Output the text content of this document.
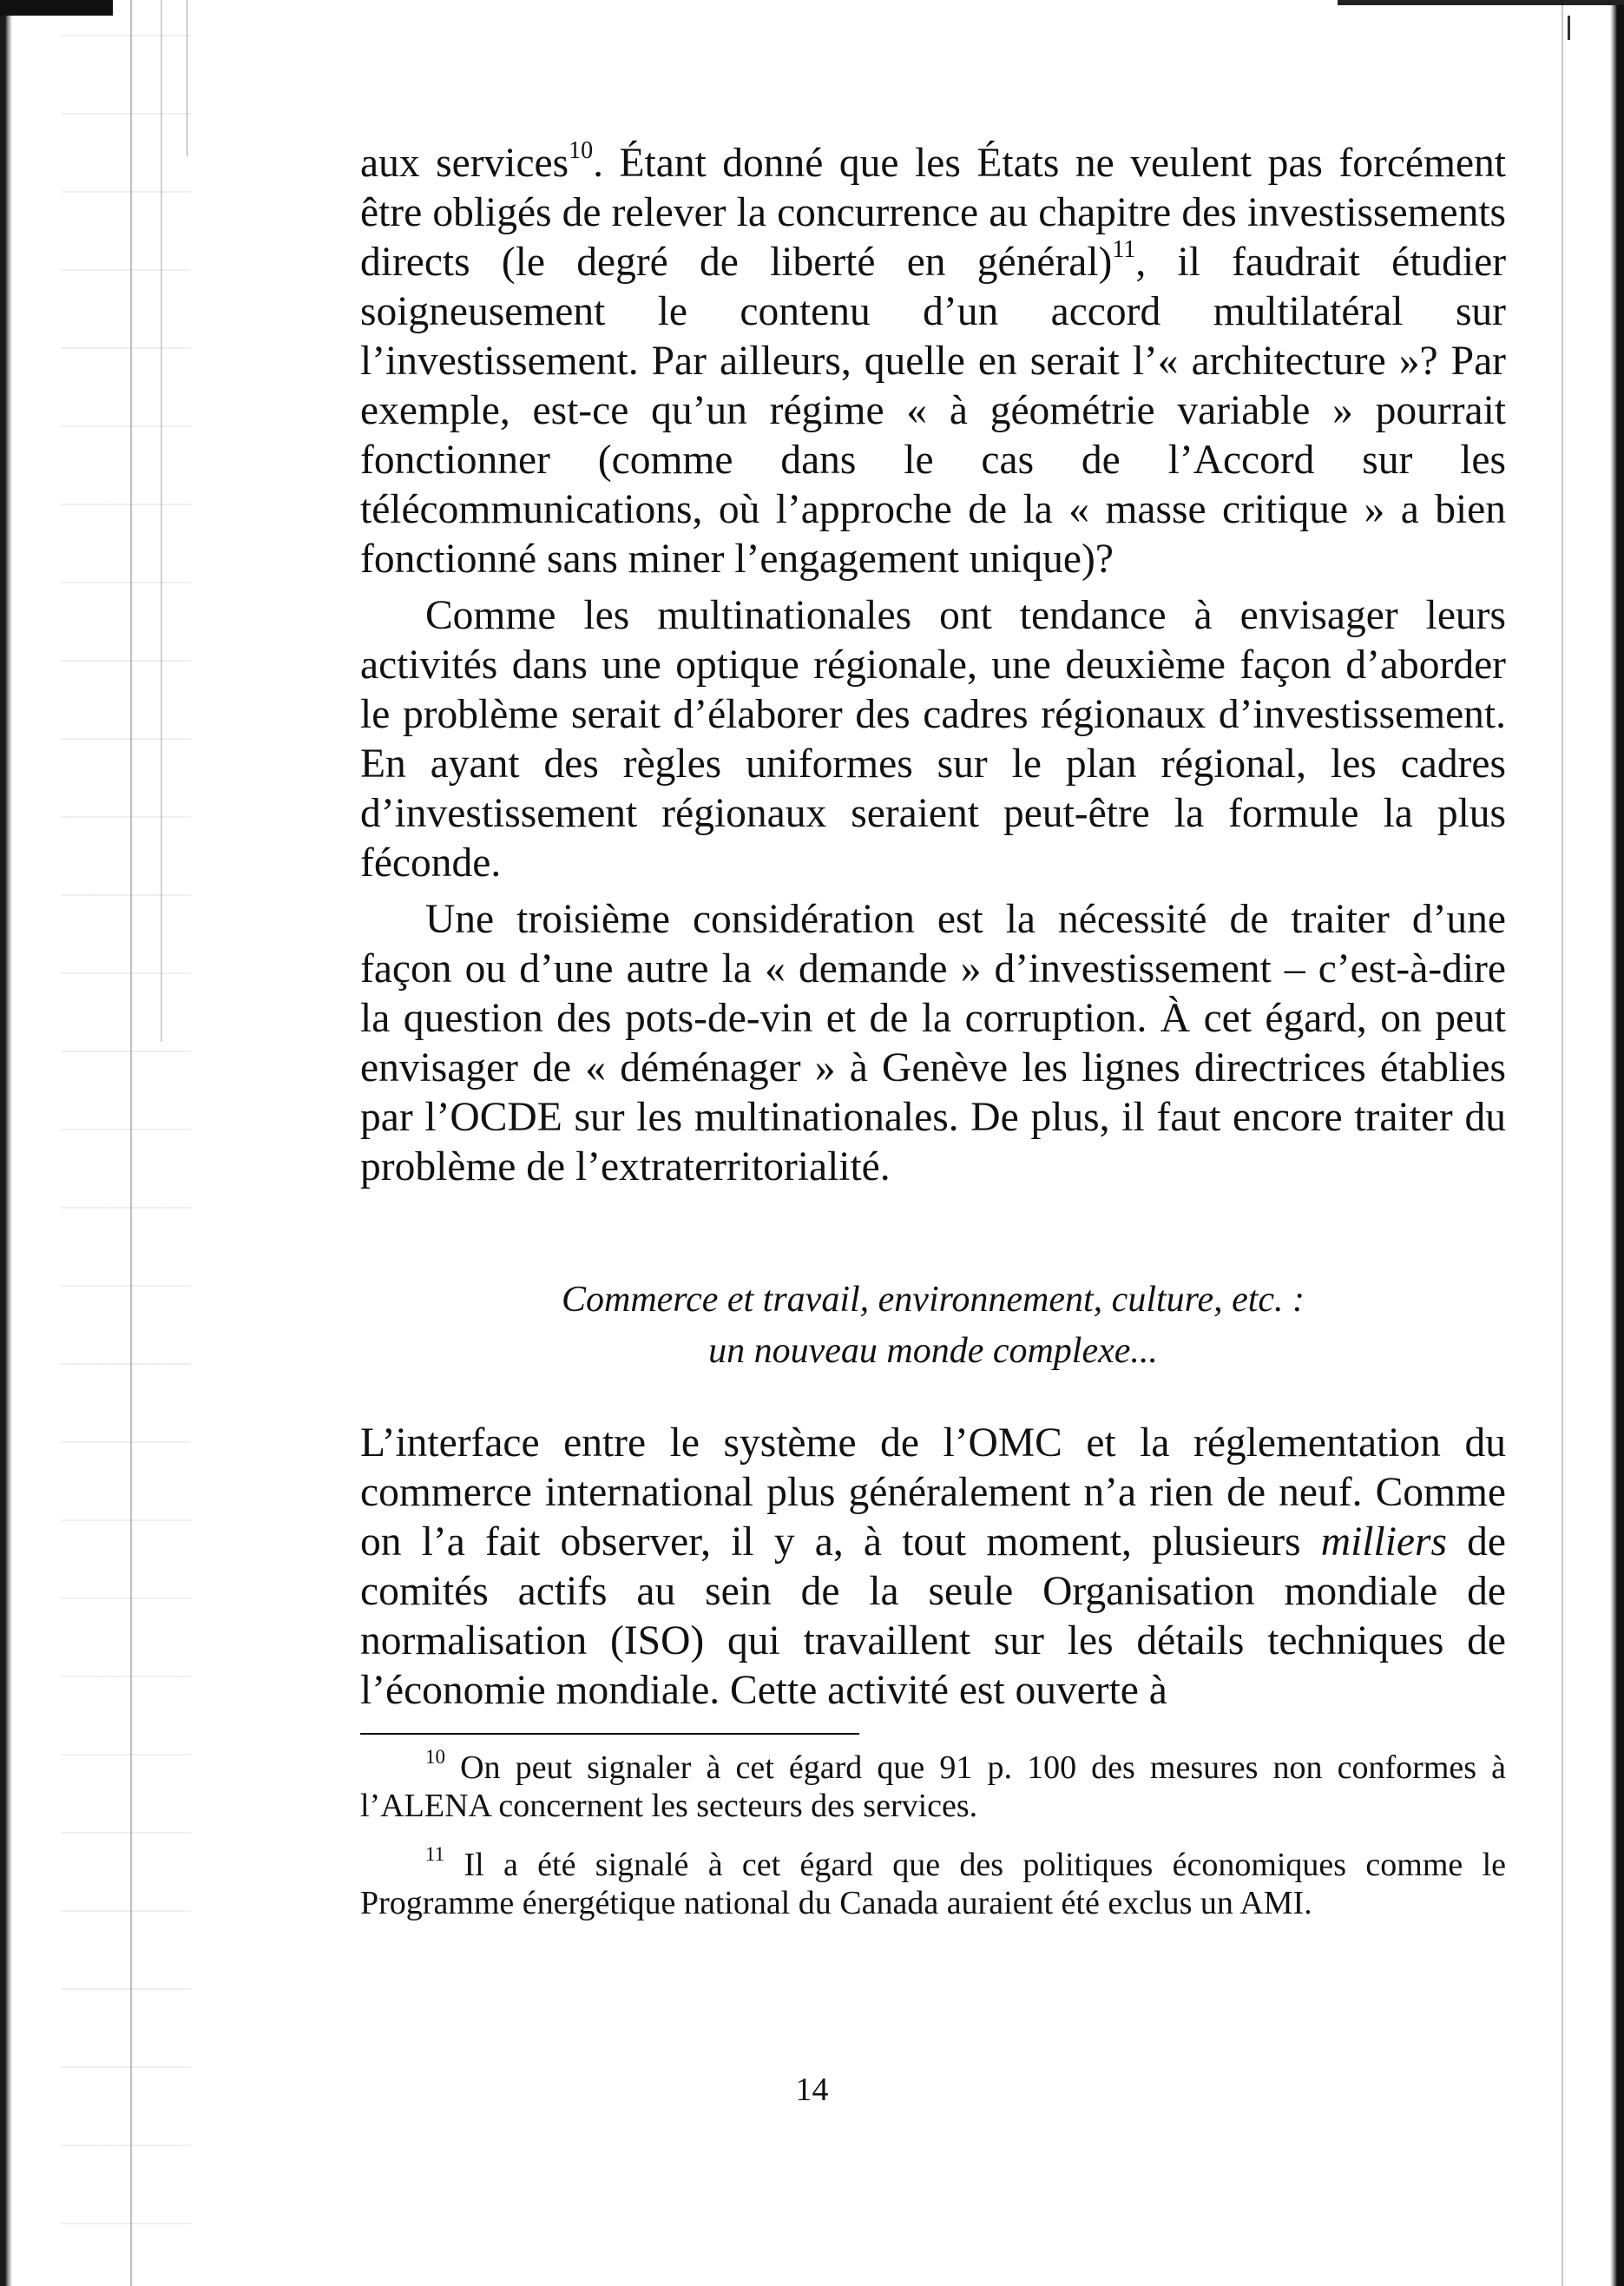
aux services$^{10}$. Étant donné que les États ne veulent pas forcément être obligés de relever la concurrence au chapitre des investissements directs (le degré de liberté en général)$^{11}$, il faudrait étudier soigneusement le contenu d’un accord multilatéral sur l’investissement. Par ailleurs, quelle en serait l’« architecture »? Par exemple, est-ce qu’un régime « à géométrie variable » pourrait fonctionner (comme dans le cas de l’Accord sur les télécommunications, où l’approche de la « masse critique » a bien fonctionné sans miner l’engagement unique)?

Comme les multinationales ont tendance à envisager leurs activités dans une optique régionale, une deuxième façon d’aborder le problème serait d’élaborer des cadres régionaux d’investissement. En ayant des règles uniformes sur le plan régional, les cadres d’investissement régionaux seraient peut-être la formule la plus féconde.

Une troisième considération est la nécessité de traiter d’une façon ou d’une autre la « demande » d’investissement – c’est-à-dire la question des pots-de-vin et de la corruption. À cet égard, on peut envisager de « déménager » à Genève les lignes directrices établies par l’OCDE sur les multinationales. De plus, il faut encore traiter du problème de l’extraterritorialité.

Commerce et travail, environnement, culture, etc. :
un nouveau monde complexe...

L’interface entre le système de l’OMC et la réglementation du commerce international plus généralement n’a rien de neuf. Comme on l’a fait observer, il y a, à tout moment, plusieurs milliers de comités actifs au sein de la seule Organisation mondiale de normalisation (ISO) qui travaillent sur les détails techniques de l’économie mondiale. Cette activité est ouverte à

$^{10}$ On peut signaler à cet égard que 91 p. 100 des mesures non conformes à l’ALENA concernent les secteurs des services.

$^{11}$ Il a été signalé à cet égard que des politiques économiques comme le Programme énergétique national du Canada auraient été exclus un AMI.

14
